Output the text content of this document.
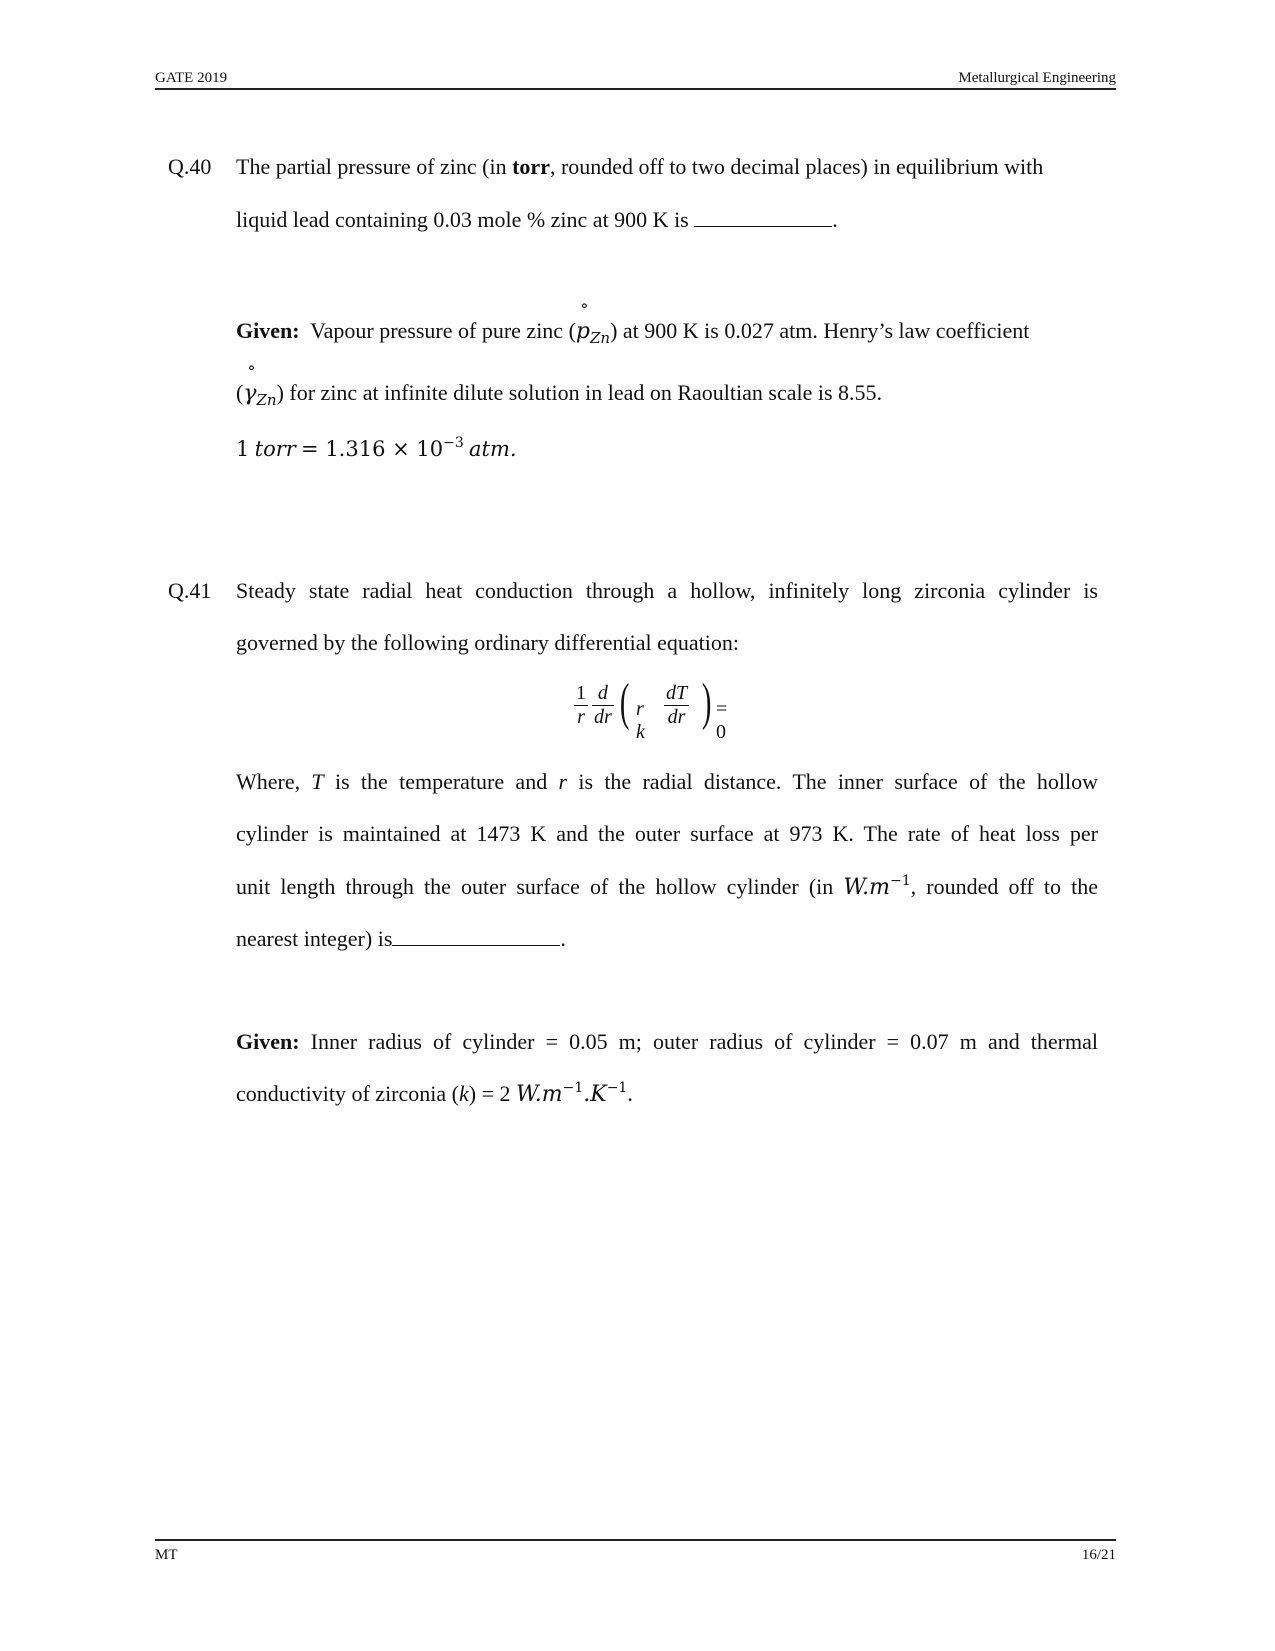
GATE 2019	Metallurgical Engineering
Q.40 The partial pressure of zinc (in torr, rounded off to two decimal places) in equilibrium with
liquid lead containing 0.03 mole % zinc at 900 K is	.
Given: Vapour pressure of pure zinc (˚ $p_{Zn}$) at 900 K is 0.027 atm. Henry’s law coefficient
(˚ $\gamma_{Zn}$) for zinc at infinite dilute solution in lead on Raoultian scale is 8.55.
1 torr = $1.316 \times 10^{-3}$ atm.
Q.41 Steady state radial heat conduction through a hollow, infinitely long zirconia cylinder is
governed by the following ordinary differential equation:
$\frac{1}{r} \frac{d}{dr}$ ( r k
$\frac{dT}{dr}$ ) = 0
Where, T is the temperature and r is the radial distance. The inner surface of the hollow
cylinder is maintained at 1473 K and the outer surface at 973 K. The rate of heat loss per
unit length through the outer surface of the hollow cylinder (in $W.m^{-1}$, rounded off to the
nearest integer) is	.
Given: Inner radius of cylinder = 0.05 m; outer radius of cylinder = 0.07 m and thermal
conductivity of zirconia (k) = 2 $W.m^{-1}.K^{-1}$.
MT	16/21
